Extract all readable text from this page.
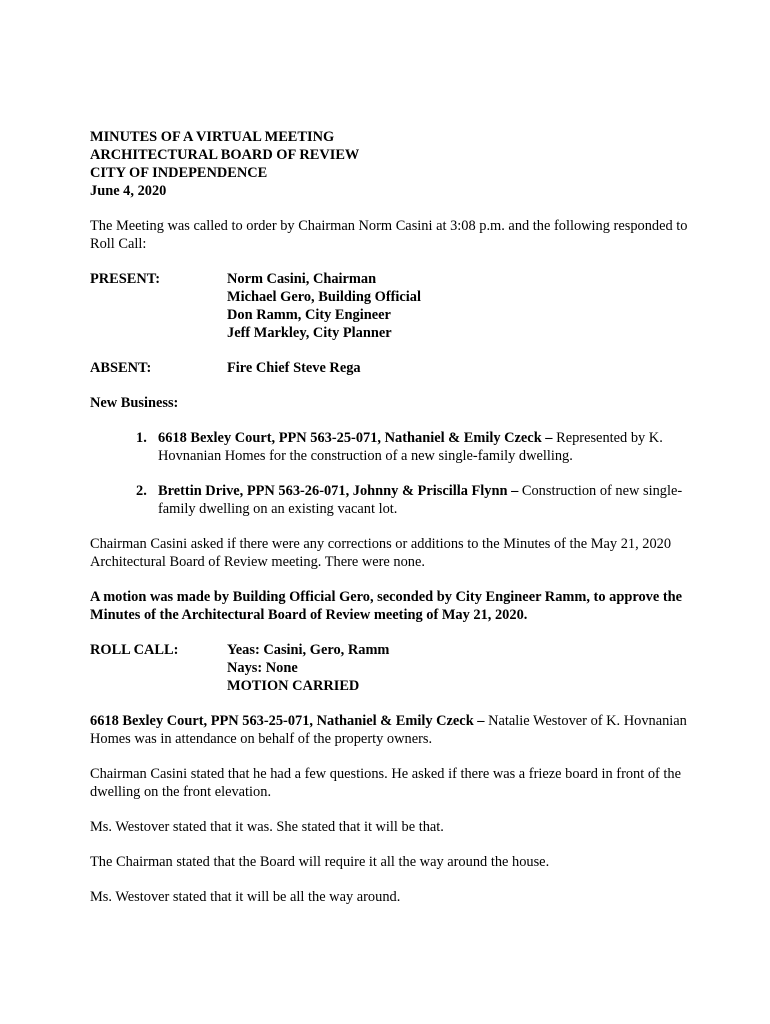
MINUTES OF A VIRTUAL MEETING
ARCHITECTURAL BOARD OF REVIEW
CITY OF INDEPENDENCE
June 4, 2020

The Meeting was called to order by Chairman Norm Casini at 3:08 p.m. and the following responded to Roll Call:

PRESENT:	Norm Casini, Chairman
Michael Gero, Building Official
Don Ramm, City Engineer
Jeff Markley, City Planner
ABSENT:	Fire Chief Steve Rega

New Business:

1. 6618 Bexley Court, PPN 563-25-071, Nathaniel & Emily Czeck – Represented by K. Hovnanian Homes for the construction of a new single-family dwelling.
2. Brettin Drive, PPN 563-26-071, Johnny & Priscilla Flynn – Construction of new single-family dwelling on an existing vacant lot.

Chairman Casini asked if there were any corrections or additions to the Minutes of the May 21, 2020 Architectural Board of Review meeting. There were none.

A motion was made by Building Official Gero, seconded by City Engineer Ramm, to approve the Minutes of the Architectural Board of Review meeting of May 21, 2020.

ROLL CALL:	Yeas: Casini, Gero, Ramm
Nays: None
MOTION CARRIED

6618 Bexley Court, PPN 563-25-071, Nathaniel & Emily Czeck – Natalie Westover of K. Hovnanian Homes was in attendance on behalf of the property owners.

Chairman Casini stated that he had a few questions. He asked if there was a frieze board in front of the dwelling on the front elevation.

Ms. Westover stated that it was. She stated that it will be that.

The Chairman stated that the Board will require it all the way around the house.

Ms. Westover stated that it will be all the way around.
